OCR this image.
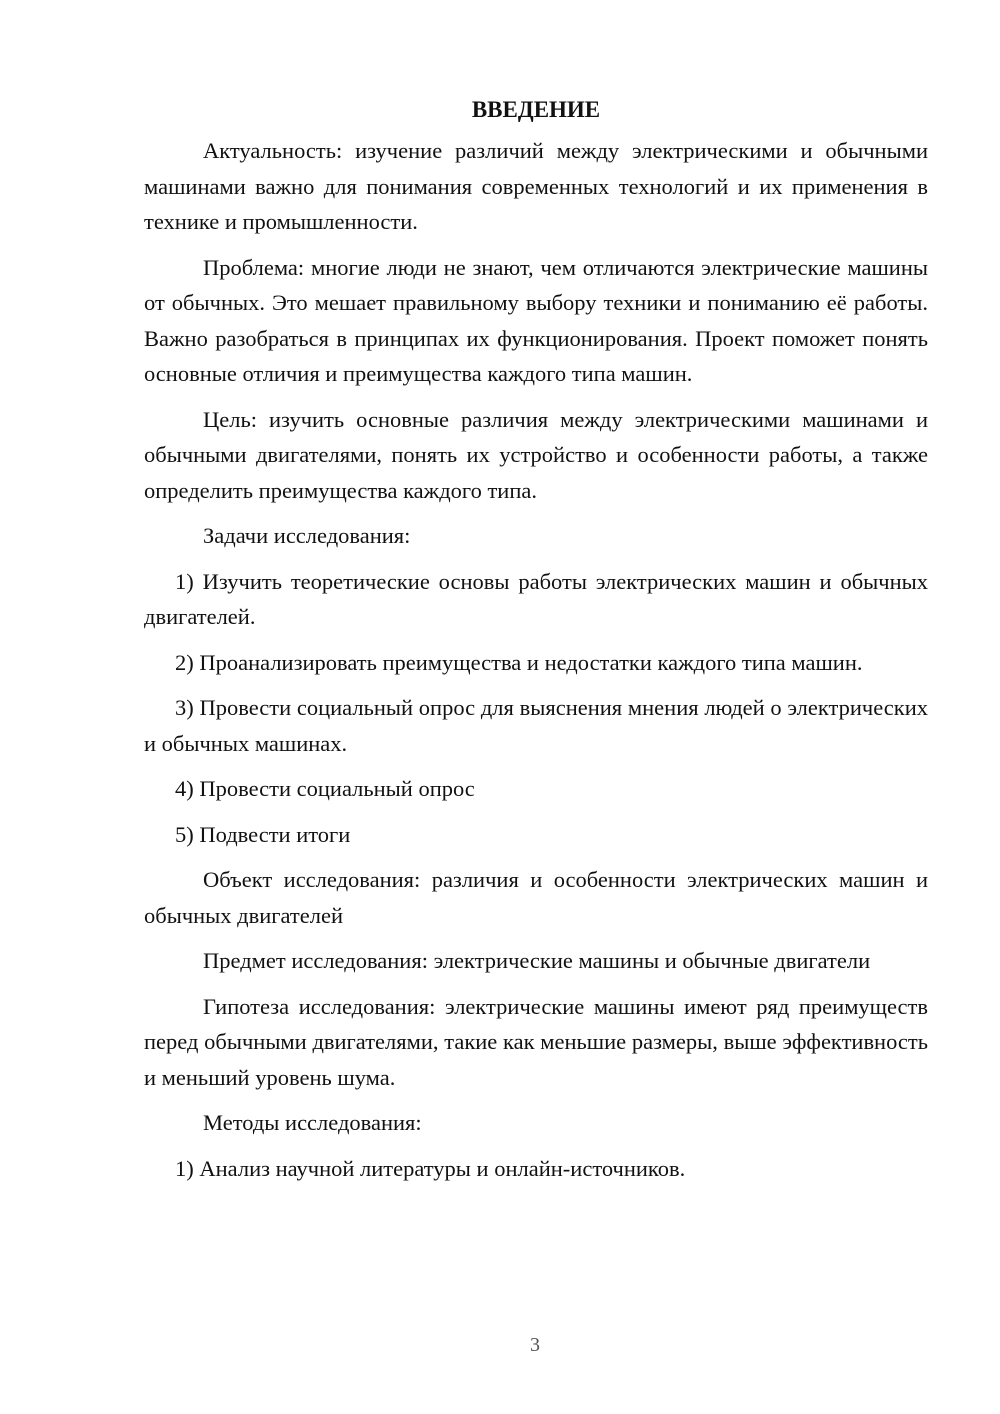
ВВЕДЕНИЕ

Актуальность: изучение различий между электрическими и обычными машинами важно для понимания современных технологий и их применения в технике и промышленности.

Проблема: многие люди не знают, чем отличаются электрические машины от обычных. Это мешает правильному выбору техники и пониманию её работы. Важно разобраться в принципах их функционирования. Проект поможет понять основные отличия и преимущества каждого типа машин.

Цель: изучить основные различия между электрическими машинами и обычными двигателями, понять их устройство и особенности работы, а также определить преимущества каждого типа.

Задачи исследования:

1) Изучить теоретические основы работы электрических машин и обычных двигателей.

2) Проанализировать преимущества и недостатки каждого типа машин.

3) Провести социальный опрос для выяснения мнения людей о электрических и обычных машинах.

4) Провести социальный опрос

5) Подвести итоги

Объект исследования: различия и особенности электрических машин и обычных двигателей

Предмет исследования: электрические машины и обычные двигатели

Гипотеза исследования: электрические машины имеют ряд преимуществ перед обычными двигателями, такие как меньшие размеры, выше эффективность и меньший уровень шума.

Методы исследования:

1) Анализ научной литературы и онлайн-источников.

3
